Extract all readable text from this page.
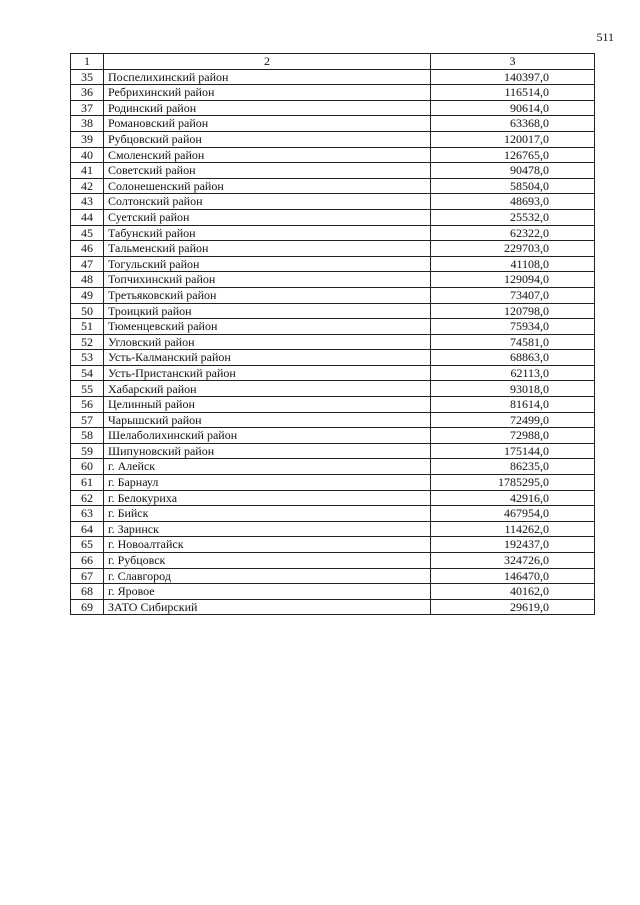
511
1	2	3
35	Поспелихинский район	140397,0
36	Ребрихинский район	116514,0
37	Родинский район	90614,0
38	Романовский район	63368,0
39	Рубцовский район	120017,0
40	Смоленский район	126765,0
41	Советский район	90478,0
42	Солонешенский район	58504,0
43	Солтонский район	48693,0
44	Суетский район	25532,0
45	Табунский район	62322,0
46	Тальменский район	229703,0
47	Тогульский район	41108,0
48	Топчихинский район	129094,0
49	Третьяковский район	73407,0
50	Троицкий район	120798,0
51	Тюменцевский район	75934,0
52	Угловский район	74581,0
53	Усть-Калманский район	68863,0
54	Усть-Пристанский район	62113,0
55	Хабарский район	93018,0
56	Целинный район	81614,0
57	Чарышский район	72499,0
58	Шелаболихинский район	72988,0
59	Шипуновский район	175144,0
60	г. Алейск	86235,0
61	г. Барнаул	1785295,0
62	г. Белокуриха	42916,0
63	г. Бийск	467954,0
64	г. Заринск	114262,0
65	г. Новоалтайск	192437,0
66	г. Рубцовск	324726,0
67	г. Славгород	146470,0
68	г. Яровое	40162,0
69	ЗАТО Сибирский	29619,0
